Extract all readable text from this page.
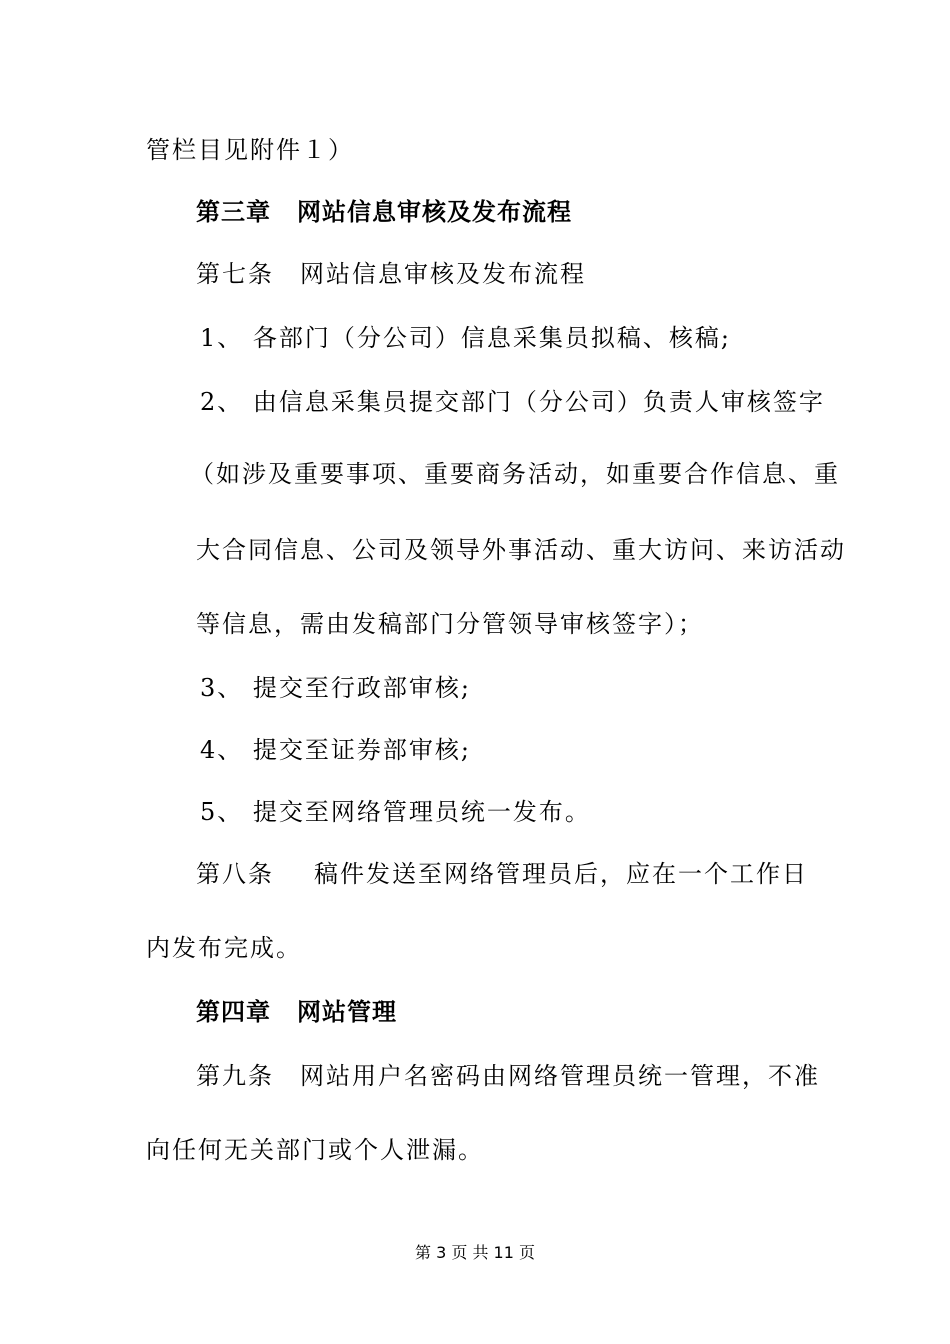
管栏目见附件１）
第三章 网站信息审核及发布流程
第七条 网站信息审核及发布流程
1、 各部门（分公司）信息采集员拟稿、核稿;
2、 由信息采集员提交部门（分公司）负责人审核签字
（如涉及重要事项、重要商务活动，如重要合作信息、重
大合同信息、公司及领导外事活动、重大访问、来访活动
等信息，需由发稿部门分管领导审核签字）；
3、 提交至行政部审核;
4、 提交至证券部审核;
5、 提交至网络管理员统一发布。
第八条 稿件发送至网络管理员后，应在一个工作日
内发布完成。
第四章 网站管理
第九条 网站用户名密码由网络管理员统一管理，不准
向任何无关部门或个人泄漏。
第 3 页 共 11 页
